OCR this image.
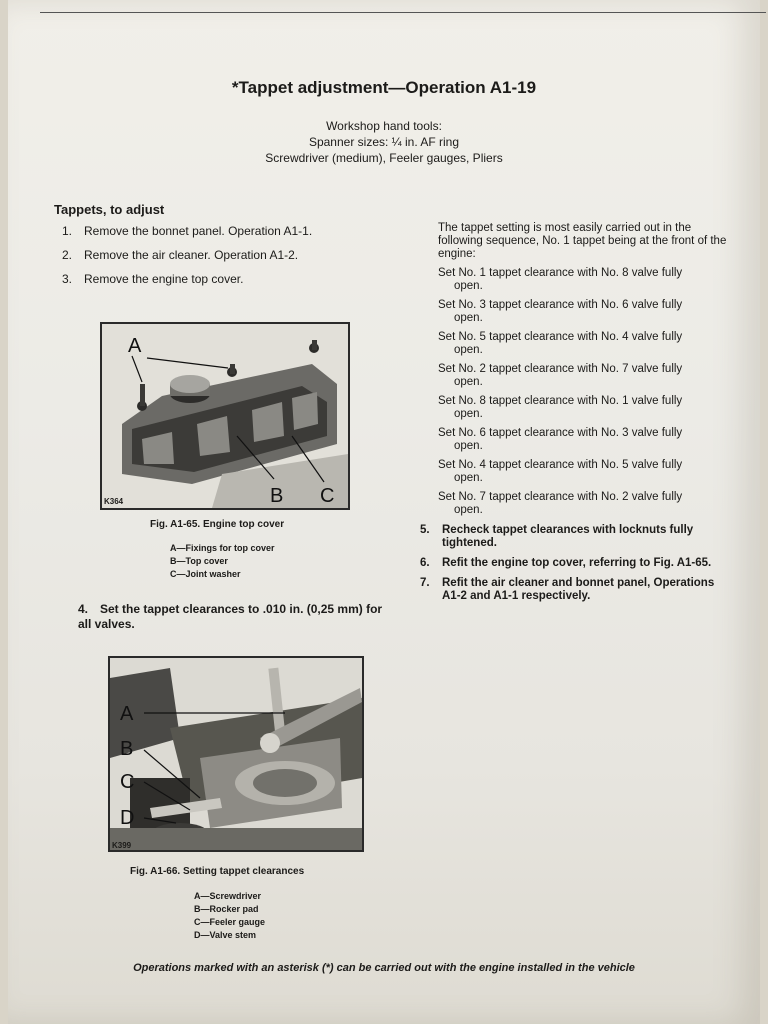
*Tappet adjustment—Operation A1-19
Workshop hand tools:
Spanner sizes: ¼ in. AF ring
Screwdriver (medium), Feeler gauges, Pliers
Tappets, to adjust
1. Remove the bonnet panel. Operation A1-1.
2. Remove the air cleaner. Operation A1-2.
3. Remove the engine top cover.
A
B C
K364
Fig. A1-65. Engine top cover
A—Fixings for top cover
B—Top cover
C—Joint washer
4. Set the tappet clearances to .010 in. (0,25 mm) for all valves.
A
B
C
D
K399
Fig. A1-66. Setting tappet clearances
A—Screwdriver
B—Rocker pad
C—Feeler gauge
D—Valve stem

The tappet setting is most easily carried out in the following sequence, No. 1 tappet being at the front of the engine:

Set No. 1 tappet clearance with No. 8 valve fully
open.
Set No. 3 tappet clearance with No. 6 valve fully
open.
Set No. 5 tappet clearance with No. 4 valve fully
open.
Set No. 2 tappet clearance with No. 7 valve fully
open.
Set No. 8 tappet clearance with No. 1 valve fully
open.
Set No. 6 tappet clearance with No. 3 valve fully
open.
Set No. 4 tappet clearance with No. 5 valve fully
open.
Set No. 7 tappet clearance with No. 2 valve fully
open.
5.	Recheck tappet clearances with locknuts fully tightened.
6.	Refit the engine top cover, referring to Fig. A1-65.
7.	Refit the air cleaner and bonnet panel, Operations A1-2 and A1-1 respectively.
Operations marked with an asterisk (*) can be carried out with the engine installed in the vehicle
